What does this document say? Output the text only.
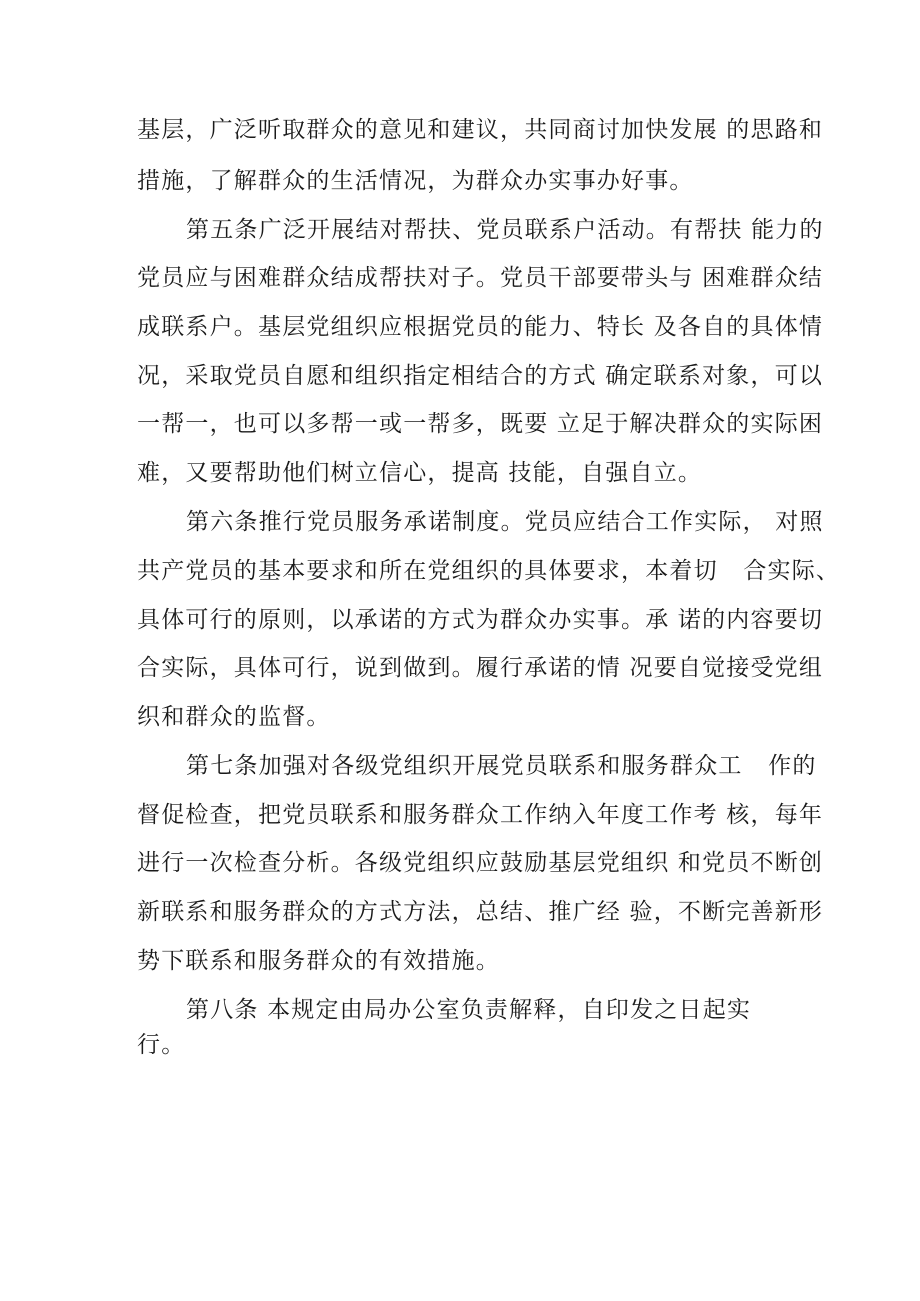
基层，广泛听取群众的意见和建议，共同商讨加快发展 的思路和
措施，了解群众的生活情况，为群众办实事办好事。
第五条广泛开展结对帮扶、党员联系户活动。有帮扶 能力的
党员应与困难群众结成帮扶对子。党员干部要带头与 困难群众结
成联系户。基层党组织应根据党员的能力、特长 及各自的具体情
况，采取党员自愿和组织指定相结合的方式 确定联系对象，可以
一帮一，也可以多帮一或一帮多，既要 立足于解决群众的实际困
难，又要帮助他们树立信心，提高 技能，自强自立。
第六条推行党员服务承诺制度。党员应结合工作实际， 对照
共产党员的基本要求和所在党组织的具体要求，本着切   合实际、
具体可行的原则，以承诺的方式为群众办实事。承 诺的内容要切
合实际，具体可行，说到做到。履行承诺的情 况要自觉接受党组
织和群众的监督。
第七条加强对各级党组织开展党员联系和服务群众工   作的
督促检查，把党员联系和服务群众工作纳入年度工作考 核，每年
进行一次检查分析。各级党组织应鼓励基层党组织 和党员不断创
新联系和服务群众的方式方法，总结、推广经 验，不断完善新形
势下联系和服务群众的有效措施。
第八条 本规定由局办公室负责解释，自印发之日起实
行。
